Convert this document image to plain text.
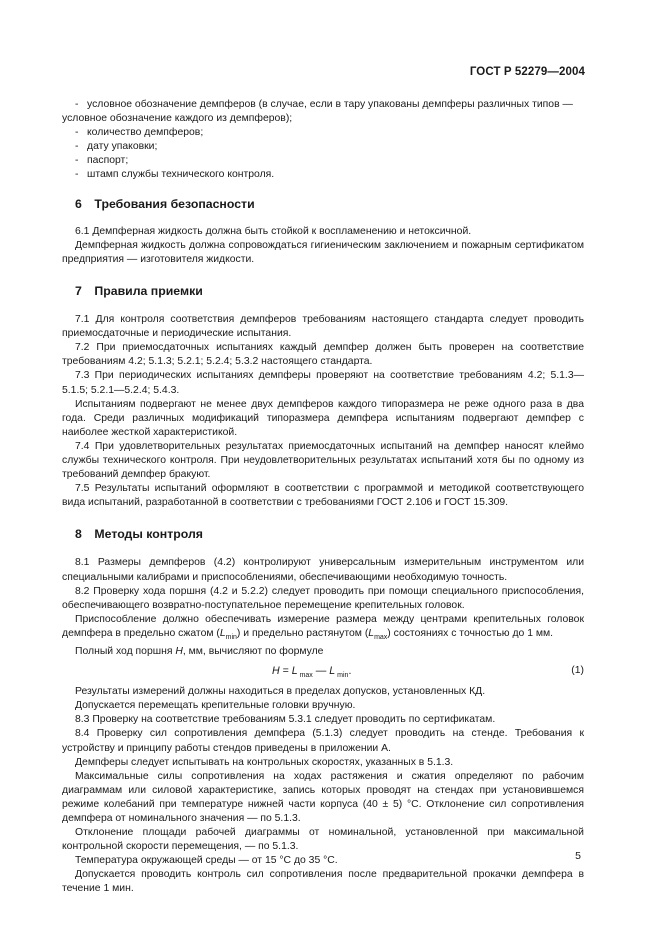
ГОСТ Р 52279—2004
- условное обозначение демпферов (в случае, если в тару упакованы демпферы различных типов —

условное обозначение каждого из демпферов);

- количество демпферов;
- дату упаковки;
- паспорт;
- штамп службы технического контроля.
6 Требования безопасности

6.1 Демпферная жидкость должна быть стойкой к воспламенению и нетоксичной.

Демпферная жидкость должна сопровождаться гигиеническим заключением и пожарным сертификатом предприятия — изготовителя жидкости.

7 Правила приемки

7.1 Для контроля соответствия демпферов требованиям настоящего стандарта следует проводить приемосдаточные и периодические испытания.

7.2 При приемосдаточных испытаниях каждый демпфер должен быть проверен на соответствие требованиям 4.2; 5.1.3; 5.2.1; 5.2.4; 5.3.2 настоящего стандарта.

7.3 При периодических испытаниях демпферы проверяют на соответствие требованиям 4.2; 5.1.3—5.1.5; 5.2.1—5.2.4; 5.4.3.

Испытаниям подвергают не менее двух демпферов каждого типоразмера не реже одного раза в два года. Среди различных модификаций типоразмера демпфера испытаниям подвергают демпфер с наиболее жесткой характеристикой.

7.4 При удовлетворительных результатах приемосдаточных испытаний на демпфер наносят клеймо службы технического контроля. При неудовлетворительных результатах испытаний хотя бы по одному из требований демпфер бракуют.

7.5 Результаты испытаний оформляют в соответствии с программой и методикой соответствующего вида испытаний, разработанной в соответствии с требованиями ГОСТ 2.106 и ГОСТ 15.309.

8 Методы контроля

8.1 Размеры демпферов (4.2) контролируют универсальным измерительным инструментом или специальными калибрами и приспособлениями, обеспечивающими необходимую точность.

8.2 Проверку хода поршня (4.2 и 5.2.2) следует проводить при помощи специального приспособления, обеспечивающего возвратно-поступательное перемещение крепительных головок.

Приспособление должно обеспечивать измерение размера между центрами крепительных головок демпфера в предельно сжатом $(L_{min})$ и предельно растянутом $(L_{max})$ состояниях с точностью до 1 мм.

Полный ход поршня H, мм, вычисляют по формуле

H = L $_{max}$ — L $_{min}$.	(1)

Результаты измерений должны находиться в пределах допусков, установленных КД.

Допускается перемещать крепительные головки вручную.

8.3 Проверку на соответствие требованиям 5.3.1 следует проводить по сертификатам.

8.4 Проверку сил сопротивления демпфера (5.1.3) следует проводить на стенде. Требования к устройству и принципу работы стендов приведены в приложении А.

Демпферы следует испытывать на контрольных скоростях, указанных в 5.1.3.

Максимальные силы сопротивления на ходах растяжения и сжатия определяют по рабочим диаграммам или силовой характеристике, запись которых проводят на стендах при установившемся режиме колебаний при температуре нижней части корпуса (40 ± 5) °С. Отклонение сил сопротивления демпфера от номинального значения — по 5.1.3.

Отклонение площади рабочей диаграммы от номинальной, установленной при максимальной контрольной скорости перемещения, — по 5.1.3.

Температура окружающей среды — от 15 °С до 35 °С.

Допускается проводить контроль сил сопротивления после предварительной прокачки демпфера в течение 1 мин.

5
